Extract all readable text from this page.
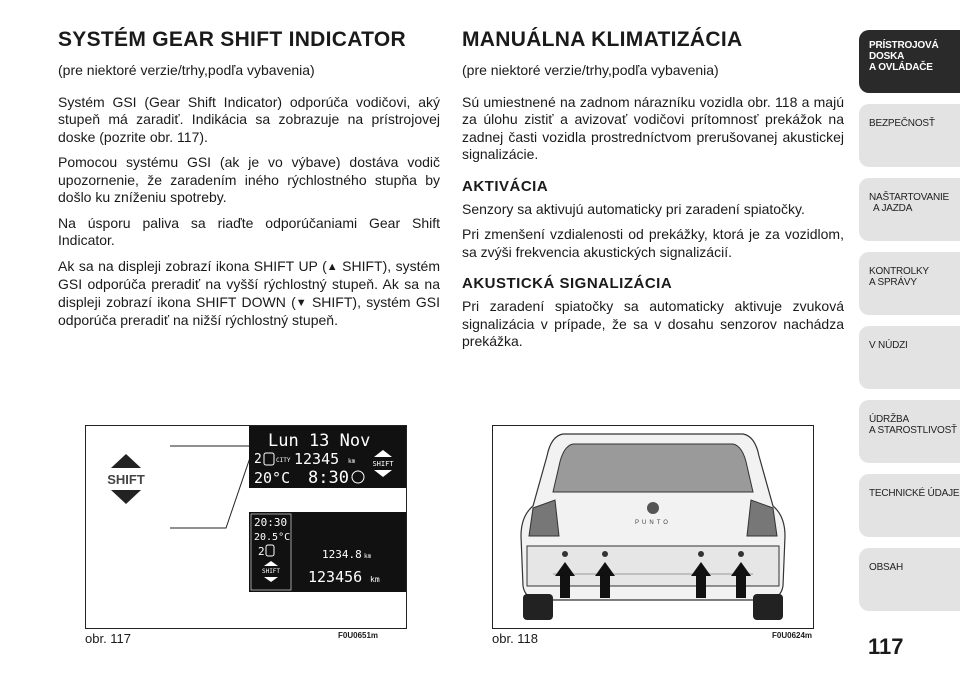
SYSTÉM GEAR SHIFT INDICATOR

(pre niektoré verzie/trhy,podľa vybavenia)

Systém GSI (Gear Shift Indicator) odporúča vodičovi, aký stupeň má zaradiť. Indikácia sa zobrazuje na prístrojovej doske (pozrite obr. 117).

Pomocou systému GSI (ak je vo výbave) dostáva vodič upozornenie, že zaradením iného rýchlostného stupňa by došlo ku zníženiu spotreby.

Na úsporu paliva sa riaďte odporúčaniami Gear Shift Indicator.

Ak sa na displeji zobrazí ikona SHIFT UP (▲ SHIFT), systém GSI odporúča preradiť na vyšší rýchlostný stupeň. Ak sa na displeji zobrazí ikona SHIFT DOWN (▼ SHIFT), systém GSI odporúča preradiť na nižší rýchlostný stupeň.

MANUÁLNA KLIMATIZÁCIA

(pre niektoré verzie/trhy,podľa vybavenia)

Sú umiestnené na zadnom nárazníku vozidla obr. 118 a majú za úlohu zistiť a avizovať vodičovi prítomnosť prekážok na zadnej časti vozidla prostredníctvom prerušovanej akustickej signalizácie.

AKTIVÁCIA

Senzory sa aktivujú automaticky pri zaradení spiatočky.

Pri zmenšení vzdialenosti od prekážky, ktorá je za vozidlom, sa zvýši frekvencia akustických signalizácií.

AKUSTICKÁ SIGNALIZÁCIA

Pri zaradení spiatočky sa automaticky aktivuje zvuková signalizácia v prípade, že sa v dosahu senzorov nachádza prekážka.

SHIFT
Lun 13 Nov
2 CITY 12345 km SHIFT
20°C 8:30
20:30
20.5°C
2
SHIFT
1234.8 km
123456 km
obr. 117	F0U0651m
PUNTO
obr. 118	F0U0624m
PRÍSTROJOVÁ
DOSKA
A OVLÁDAČE
BEZPEČNOSŤ
NAŠTARTOVANIE
A JAZDA
KONTROLKY
A SPRÁVY
V NÚDZI
ÚDRŽBA
A STAROSTLIVOSŤ
TECHNICKÉ ÚDAJE
OBSAH
117
